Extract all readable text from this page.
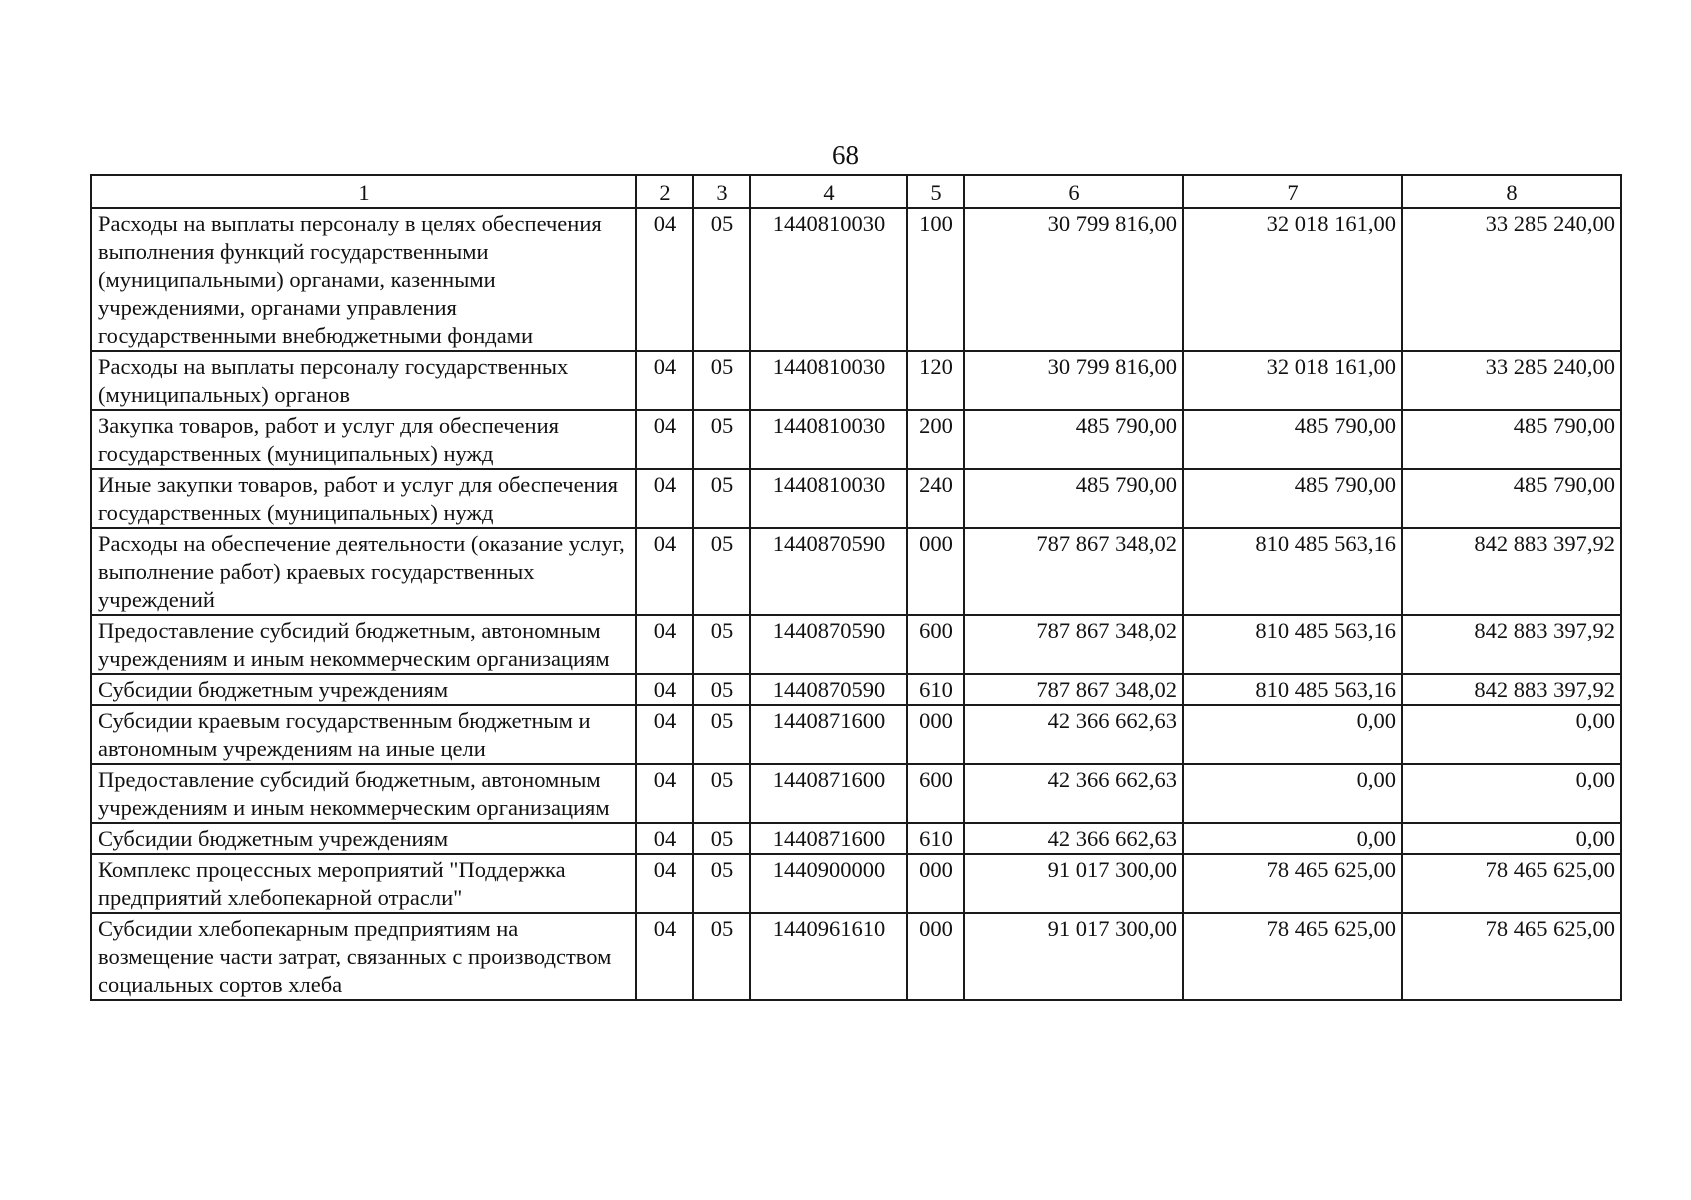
68
1	2	3	4	5	6	7	8
Расходы на выплаты персоналу в целях обеспечения выполнения функций государственными (муниципальными) органами, казенными учреждениями, органами управления государственными внебюджетными фондами	04	05	1440810030	100	30 799 816,00	32 018 161,00	33 285 240,00
Расходы на выплаты персоналу государственных (муниципальных) органов	04	05	1440810030	120	30 799 816,00	32 018 161,00	33 285 240,00
Закупка товаров, работ и услуг для обеспечения государственных (муниципальных) нужд	04	05	1440810030	200	485 790,00	485 790,00	485 790,00
Иные закупки товаров, работ и услуг для обеспечения государственных (муниципальных) нужд	04	05	1440810030	240	485 790,00	485 790,00	485 790,00
Расходы на обеспечение деятельности (оказание услуг, выполнение работ) краевых государственных учреждений	04	05	1440870590	000	787 867 348,02	810 485 563,16	842 883 397,92
Предоставление субсидий бюджетным, автономным учреждениям и иным некоммерческим организациям	04	05	1440870590	600	787 867 348,02	810 485 563,16	842 883 397,92
Субсидии бюджетным учреждениям	04	05	1440870590	610	787 867 348,02	810 485 563,16	842 883 397,92
Субсидии краевым государственным бюджетным и автономным учреждениям на иные цели	04	05	1440871600	000	42 366 662,63	0,00	0,00
Предоставление субсидий бюджетным, автономным учреждениям и иным некоммерческим организациям	04	05	1440871600	600	42 366 662,63	0,00	0,00
Субсидии бюджетным учреждениям	04	05	1440871600	610	42 366 662,63	0,00	0,00
Комплекс процессных мероприятий "Поддержка предприятий хлебопекарной отрасли"	04	05	1440900000	000	91 017 300,00	78 465 625,00	78 465 625,00
Субсидии хлебопекарным предприятиям на возмещение части затрат, связанных с производством социальных сортов хлеба	04	05	1440961610	000	91 017 300,00	78 465 625,00	78 465 625,00
